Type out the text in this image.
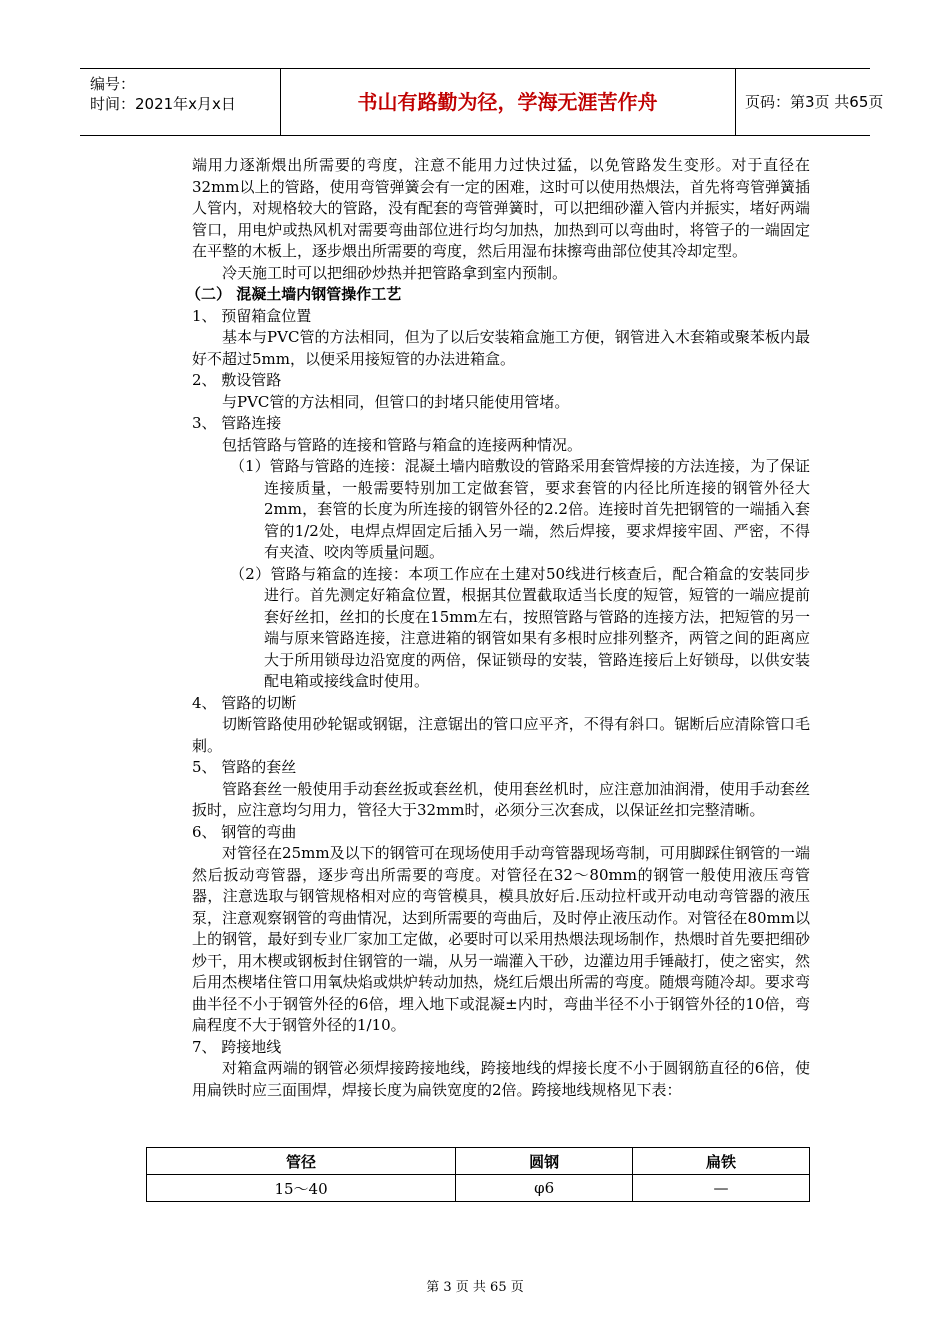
编号：
时间：2021年x月x日	书山有路勤为径，学海无涯苦作舟	页码：第3页 共65页

端用力逐渐煨出所需要的弯度，注意不能用力过快过猛，以免管路发生变形。对于直径在32mm以上的管路，使用弯管弹簧会有一定的困难，这时可以使用热煨法，首先将弯管弹簧插人管内，对规格较大的管路，没有配套的弯管弹簧时，可以把细砂灌入管内并振实，堵好两端管口，用电炉或热风机对需要弯曲部位进行均匀加热，加热到可以弯曲时，将管子的一端固定在平整的木板上，逐步煨出所需要的弯度，然后用湿布抹擦弯曲部位使其冷却定型。

冷天施工时可以把细砂炒热并把管路拿到室内预制。

（二） 混凝土墙内钢管操作工艺

1、 预留箱盒位置

基本与PVC管的方法相同，但为了以后安装箱盒施工方便，钢管进入木套箱或聚苯板内最好不超过5mm，以便采用接短管的办法进箱盒。

2、 敷设管路

与PVC管的方法相同，但管口的封堵只能使用管堵。

3、 管路连接

包括管路与管路的连接和管路与箱盒的连接两种情况。

（1）管路与管路的连接：混凝土墙内暗敷设的管路采用套管焊接的方法连接，为了保证连接质量，一般需要特别加工定做套管，要求套管的内径比所连接的钢管外径大2mm，套管的长度为所连接的钢管外径的2.2倍。连接时首先把钢管的一端插入套管的1/2处，电焊点焊固定后插入另一端，然后焊接，要求焊接牢固、严密，不得有夹渣、咬肉等质量问题。

（2）管路与箱盒的连接：本项工作应在土建对50线进行核查后，配合箱盒的安装同步进行。首先测定好箱盒位置，根据其位置截取适当长度的短管，短管的一端应提前套好丝扣，丝扣的长度在15mm左右，按照管路与管路的连接方法，把短管的另一端与原来管路连接，注意进箱的钢管如果有多根时应排列整齐，两管之间的距离应大于所用锁母边沿宽度的两倍，保证锁母的安装，管路连接后上好锁母，以供安装配电箱或接线盒时使用。

4、 管路的切断

切断管路使用砂轮锯或钢锯，注意锯出的管口应平齐，不得有斜口。锯断后应清除管口毛刺。

5、 管路的套丝

管路套丝一般使用手动套丝扳或套丝机，使用套丝机时，应注意加油润滑，使用手动套丝扳时，应注意均匀用力，管径大于32mm时，必须分三次套成，以保证丝扣完整清晰。

6、 钢管的弯曲

对管径在25mm及以下的钢管可在现场使用手动弯管器现场弯制，可用脚踩住钢管的一端然后扳动弯管器，逐步弯出所需要的弯度。对管径在32～80mm的钢管一般使用液压弯管器，注意选取与钢管规格相对应的弯管模具，模具放好后.压动拉杆或开动电动弯管器的液压泵，注意观察钢管的弯曲情况，达到所需要的弯曲后，及时停止液压动作。对管径在80mm以上的钢管，最好到专业厂家加工定做，必要时可以采用热煨法现场制作，热煨时首先要把细砂炒干，用木楔或钢板封住钢管的一端，从另一端灌入干砂，边灌边用手锤敲打，使之密实，然后用杰楔堵住管口用氧炔焰或烘炉转动加热，烧红后煨出所需的弯度。随煨弯随冷却。要求弯曲半径不小于钢管外径的6倍，埋入地下或混凝±内时，弯曲半径不小于钢管外径的10倍，弯扁程度不大于钢管外径的1/10。

7、 跨接地线

对箱盒两端的钢管必须焊接跨接地线，跨接地线的焊接长度不小于圆钢筋直径的6倍，使用扁铁时应三面围焊，焊接长度为扁铁宽度的2倍。跨接地线规格见下表：

管径	圆钢	扁铁
15～40	φ6	—
第 3 页 共 65 页
